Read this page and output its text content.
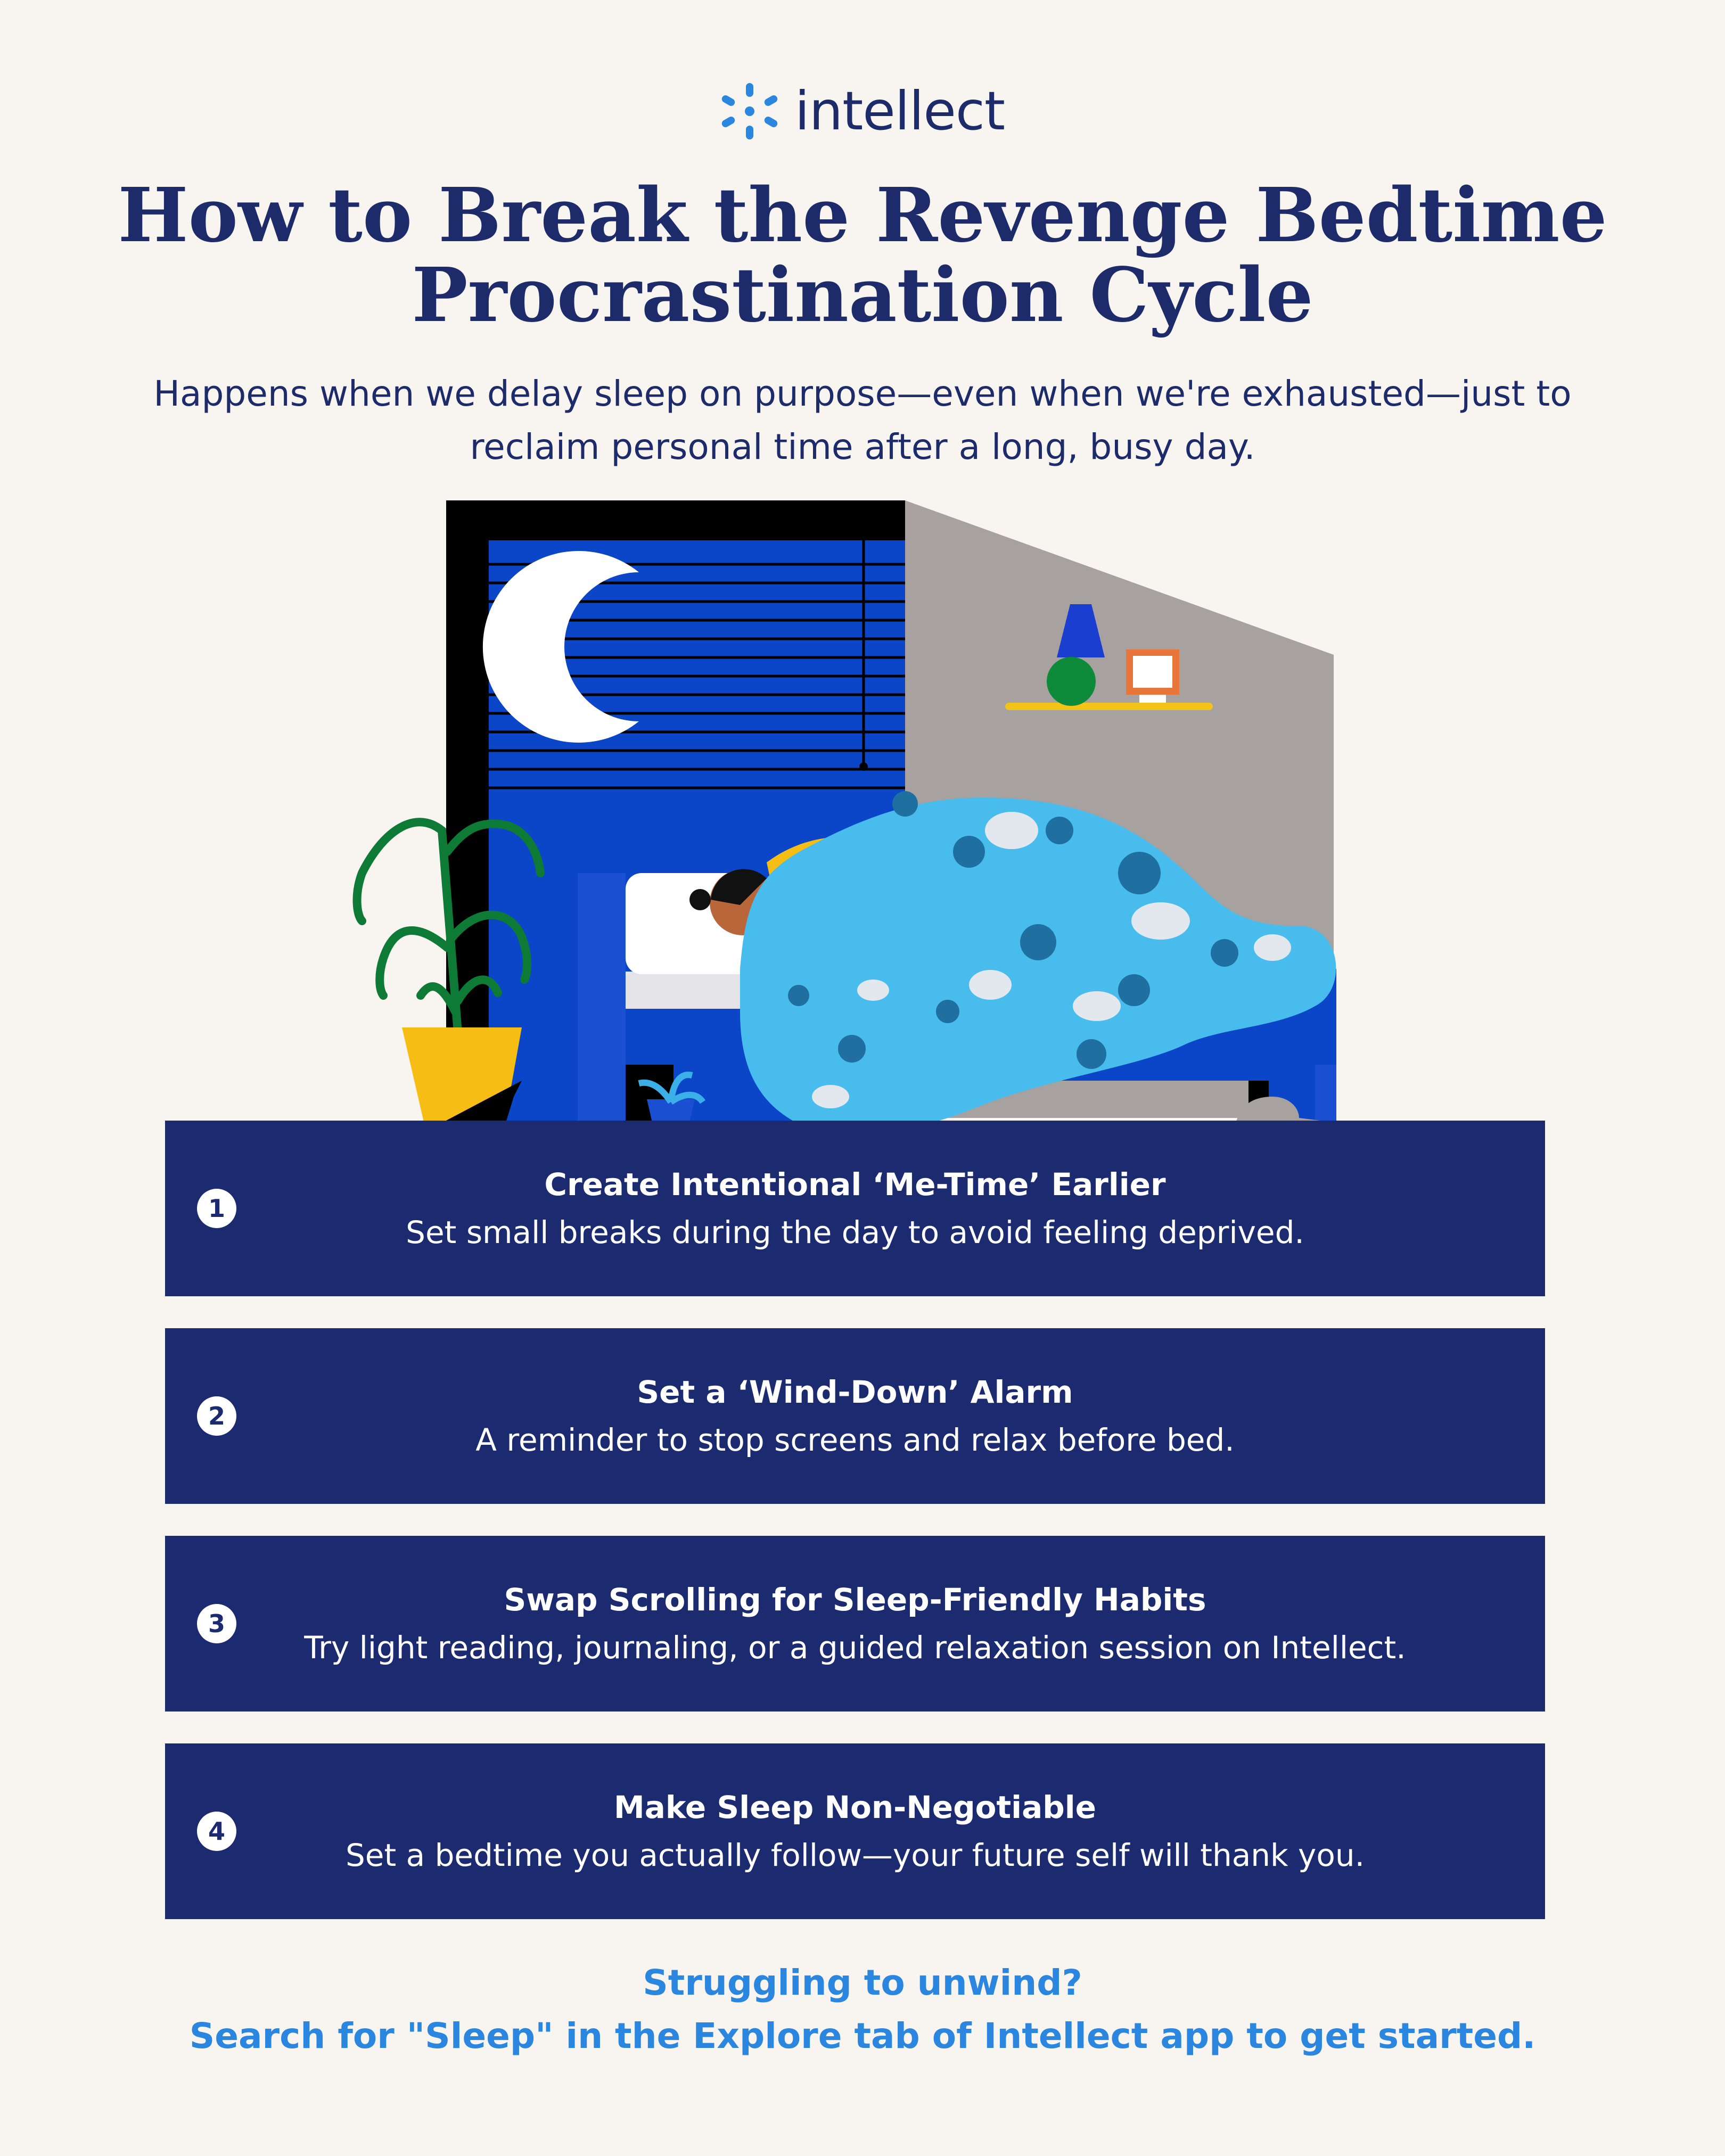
intellect
How to Break the Revenge Bedtime Procrastination Cycle

Happens when we delay sleep on purpose—even when we're exhausted—just to reclaim personal time after a long, busy day.

1
Create Intentional ‘Me-Time’ Earlier
Set small breaks during the day to avoid feeling deprived.
2
Set a ‘Wind-Down’ Alarm
A reminder to stop screens and relax before bed.
3
Swap Scrolling for Sleep-Friendly Habits
Try light reading, journaling, or a guided relaxation session on Intellect.
4
Make Sleep Non-Negotiable
Set a bedtime you actually follow—your future self will thank you.
Struggling to unwind?
Search for "Sleep" in the Explore tab of Intellect app to get started.
